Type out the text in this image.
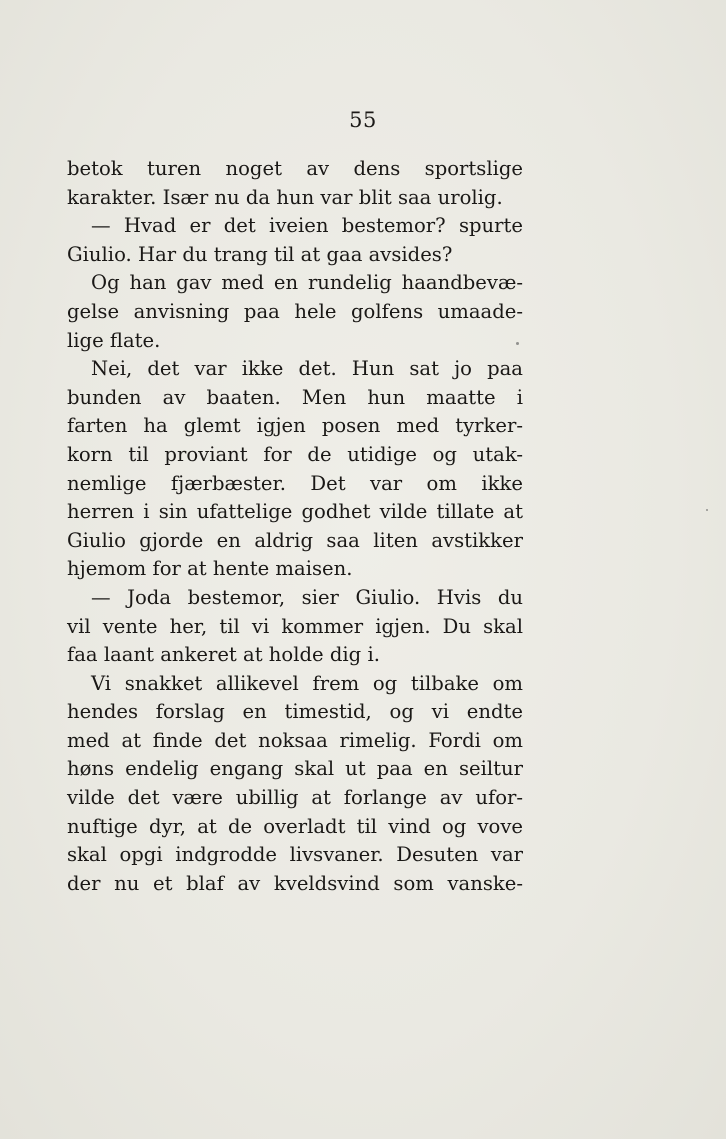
55
betok turen noget av dens sportslige
karakter. Især nu da hun var blit saa urolig.
— Hvad er det iveien bestemor? spurte
Giulio. Har du trang til at gaa avsides?
Og han gav med en rundelig haandbevæ-
gelse anvisning paa hele golfens umaade-
lige flate.
Nei, det var ikke det. Hun sat jo paa
bunden av baaten. Men hun maatte i
farten ha glemt igjen posen med tyrker-
korn til proviant for de utidige og utak-
nemlige fjærbæster. Det var om ikke
herren i sin ufattelige godhet vilde tillate at
Giulio gjorde en aldrig saa liten avstikker
hjemom for at hente maisen.
— Joda bestemor, sier Giulio. Hvis du
vil vente her, til vi kommer igjen. Du skal
faa laant ankeret at holde dig i.
Vi snakket allikevel frem og tilbake om
hendes forslag en timestid, og vi endte
med at finde det noksaa rimelig. Fordi om
høns endelig engang skal ut paa en seiltur
vilde det være ubillig at forlange av ufor-
nuftige dyr, at de overladt til vind og vove
skal opgi indgrodde livsvaner. Desuten var
der nu et blaf av kveldsvind som vanske-
